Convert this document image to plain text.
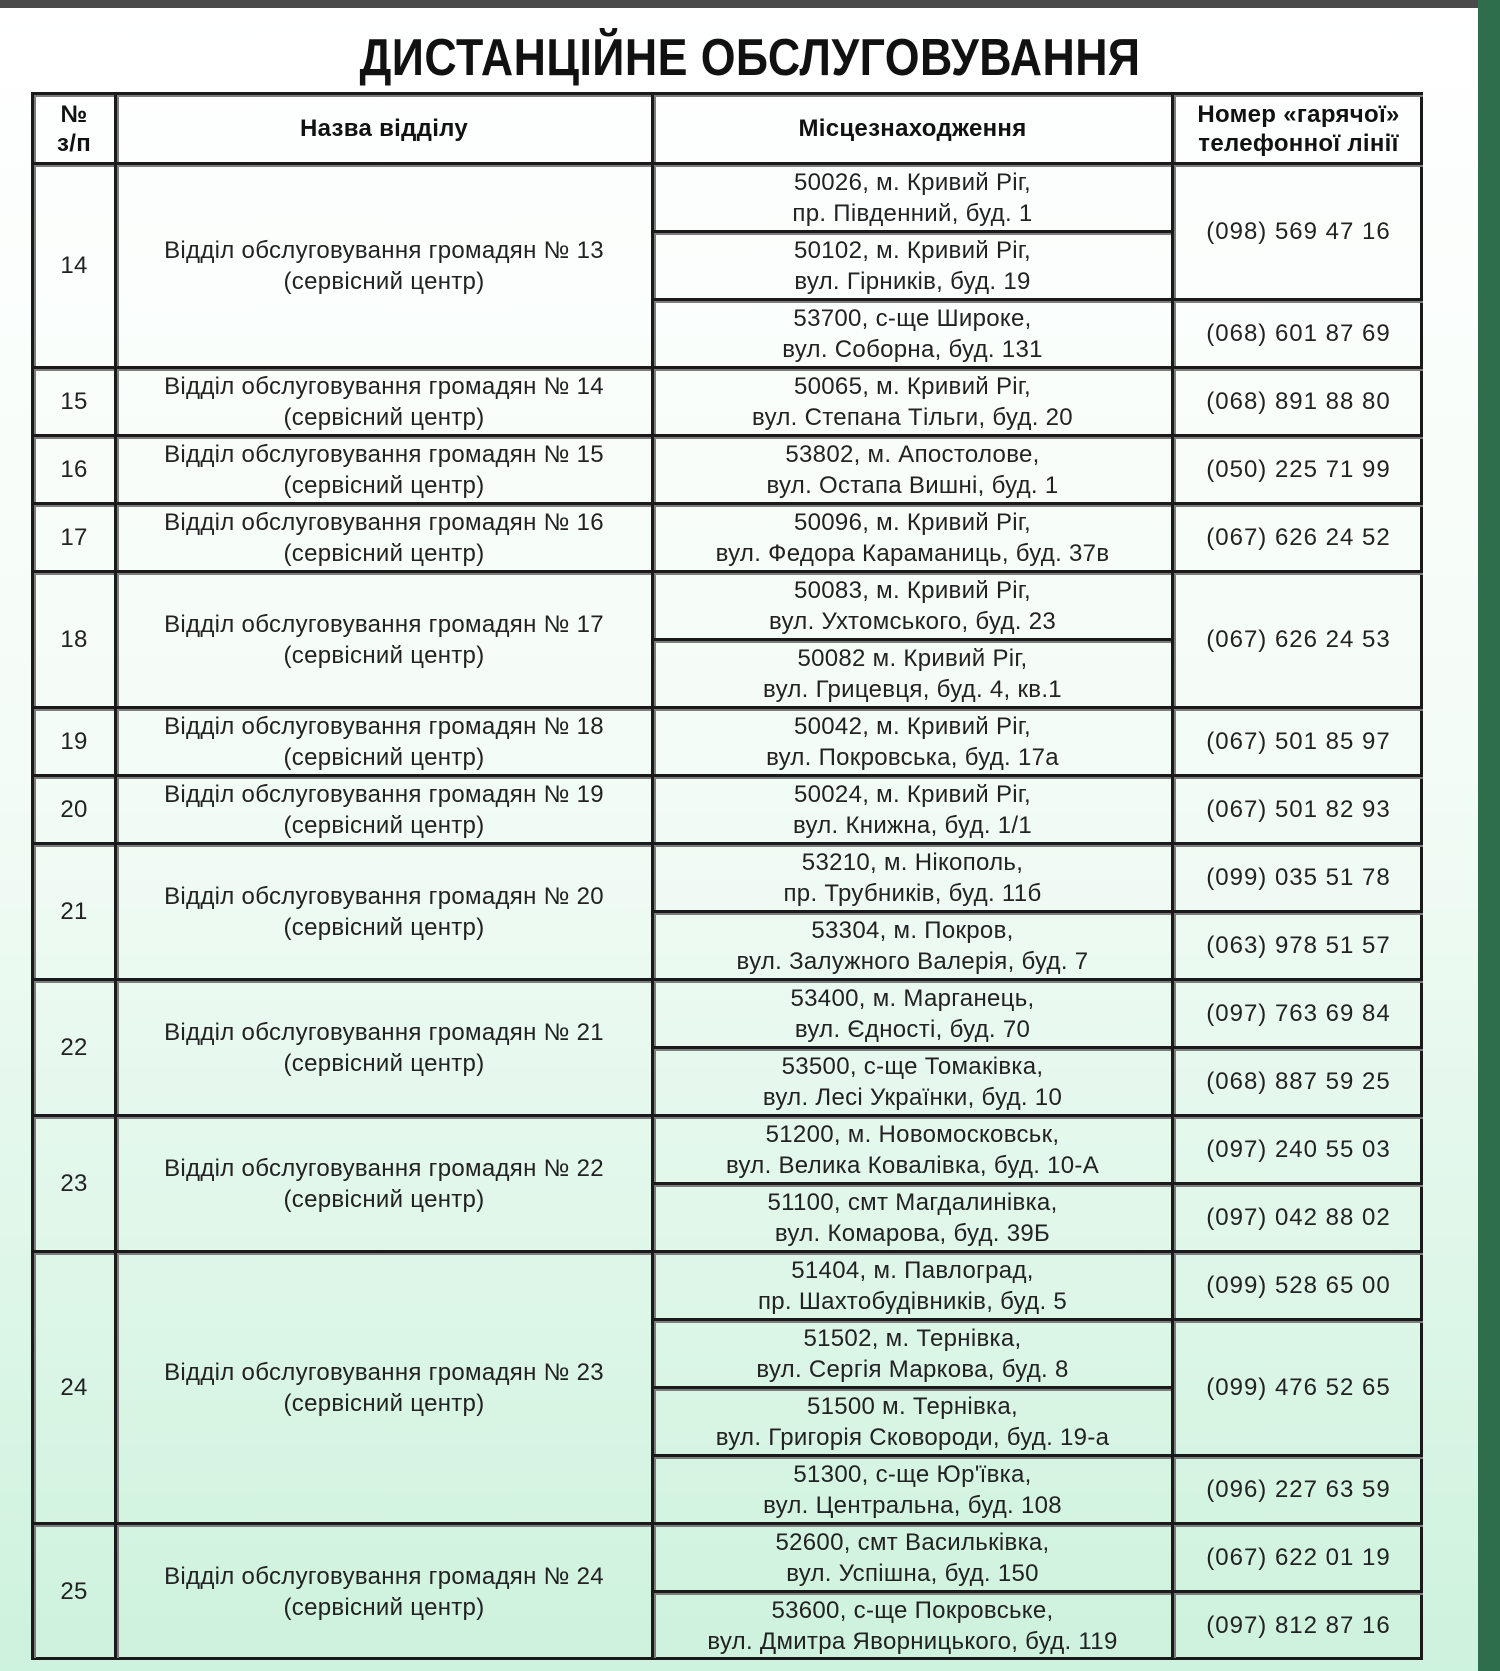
ДИСТАНЦІЙНЕ ОБСЛУГОВУВАННЯ
№
з/п
Назва відділу	Місцезнаходження
Номер «гарячої»
телефонної лінії
14
Відділ обслуговування громадян № 13
(сервісний центр)
50026, м. Кривий Ріг,
пр. Південний, буд. 1
50102, м. Кривий Ріг,
вул. Гірників, буд. 19
53700, с-ще Широке,
вул. Соборна, буд. 131
(098) 569 47 16
(068) 601 87 69
15
Відділ обслуговування громадян № 14
(сервісний центр)
50065, м. Кривий Ріг,
вул. Степана Тільги, буд. 20
(068) 891 88 80
16
Відділ обслуговування громадян № 15
(сервісний центр)
53802, м. Апостолове,
вул. Остапа Вишні, буд. 1
(050) 225 71 99
17
Відділ обслуговування громадян № 16
(сервісний центр)
50096, м. Кривий Ріг,
вул. Федора Караманиць, буд. 37в
(067) 626 24 52
18
Відділ обслуговування громадян № 17
(сервісний центр)
50083, м. Кривий Ріг,
вул. Ухтомського, буд. 23
50082 м. Кривий Ріг,
вул. Грицевця, буд. 4, кв.1
(067) 626 24 53
19
Відділ обслуговування громадян № 18
(сервісний центр)
50042, м. Кривий Ріг,
вул. Покровська, буд. 17а
(067) 501 85 97
20
Відділ обслуговування громадян № 19
(сервісний центр)
50024, м. Кривий Ріг,
вул. Книжна, буд. 1/1
(067) 501 82 93
21
Відділ обслуговування громадян № 20
(сервісний центр)
53210, м. Нікополь,
пр. Трубників, буд. 11б
53304, м. Покров,
вул. Залужного Валерія, буд. 7
(099) 035 51 78
(063) 978 51 57
22
Відділ обслуговування громадян № 21
(сервісний центр)
53400, м. Марганець,
вул. Єдності, буд. 70
53500, с-ще Томаківка,
вул. Лесі Українки, буд. 10
(097) 763 69 84
(068) 887 59 25
23
Відділ обслуговування громадян № 22
(сервісний центр)
51200, м. Новомосковськ,
вул. Велика Ковалівка, буд. 10-А
51100, смт Магдалинівка,
вул. Комарова, буд. 39Б
(097) 240 55 03
(097) 042 88 02
24
Відділ обслуговування громадян № 23
(сервісний центр)
51404, м. Павлоград,
пр. Шахтобудівників, буд. 5
51502, м. Тернівка,
вул. Сергія Маркова, буд. 8
51500 м. Тернівка,
вул. Григорія Сковороди, буд. 19-а
51300, с-ще Юр'ївка,
вул. Центральна, буд. 108
(099) 528 65 00
(099) 476 52 65
(096) 227 63 59
25
Відділ обслуговування громадян № 24
(сервісний центр)
52600, смт Васильківка,
вул. Успішна, буд. 150
53600, с-ще Покровське,
вул. Дмитра Яворницького, буд. 119
(067) 622 01 19
(097) 812 87 16
